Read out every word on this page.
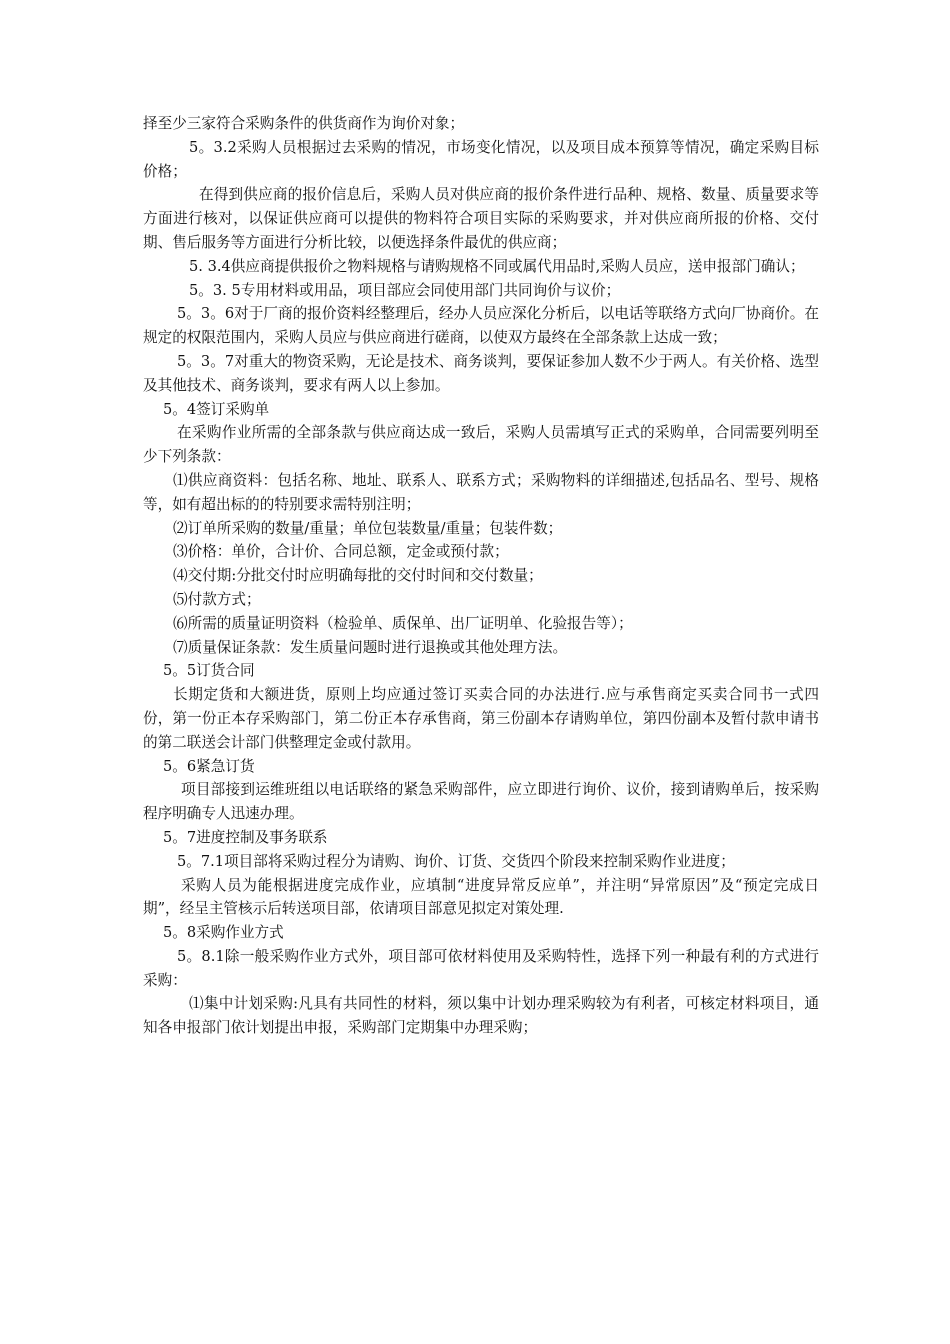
择至少三家符合采购条件的供货商作为询价对象；

5。3.2采购人员根据过去采购的情况，市场变化情况，以及项目成本预算等情况，确定采购目标价格；

在得到供应商的报价信息后，采购人员对供应商的报价条件进行品种、规格、数量、质量要求等方面进行核对，以保证供应商可以提供的物料符合项目实际的采购要求，并对供应商所报的价格、交付期、售后服务等方面进行分析比较，以便选择条件最优的供应商；

5. 3.4供应商提供报价之物料规格与请购规格不同或属代用品时,采购人员应，送申报部门确认；

5。3. 5专用材料或用品，项目部应会同使用部门共同询价与议价；

5。3。6对于厂商的报价资料经整理后，经办人员应深化分析后，以电话等联络方式向厂协商价。在规定的权限范围内，采购人员应与供应商进行磋商，以使双方最终在全部条款上达成一致；

5。3。7对重大的物资采购，无论是技术、商务谈判，要保证参加人数不少于两人。有关价格、选型及其他技术、商务谈判，要求有两人以上参加。

5。4签订采购单

在采购作业所需的全部条款与供应商达成一致后，采购人员需填写正式的采购单，合同需要列明至少下列条款：

⑴供应商资料：包括名称、地址、联系人、联系方式；采购物料的详细描述,包括品名、型号、规格等，如有超出标的的特别要求需特别注明；

⑵订单所采购的数量/重量；单位包装数量/重量；包装件数；

⑶价格：单价，合计价、合同总额，定金或预付款；

⑷交付期:分批交付时应明确每批的交付时间和交付数量；

⑸付款方式；

⑹所需的质量证明资料（检验单、质保单、出厂证明单、化验报告等）；

⑺质量保证条款：发生质量问题时进行退换或其他处理方法。

5。5订货合同

长期定货和大额进货，原则上均应通过签订买卖合同的办法进行.应与承售商定买卖合同书一式四份，第一份正本存采购部门，第二份正本存承售商，第三份副本存请购单位，第四份副本及暂付款申请书的第二联送会计部门供整理定金或付款用。

5。6紧急订货

项目部接到运维班组以电话联络的紧急采购部件，应立即进行询价、议价，接到请购单后，按采购程序明确专人迅速办理。

5。7进度控制及事务联系

5。7.1项目部将采购过程分为请购、询价、订货、交货四个阶段来控制采购作业进度；

采购人员为能根据进度完成作业，应填制“进度异常反应单”，并注明“异常原因”及“预定完成日期”，经呈主管核示后转送项目部，依请项目部意见拟定对策处理.

5。8采购作业方式

5。8.1除一般采购作业方式外，项目部可依材料使用及采购特性，选择下列一种最有利的方式进行采购：

⑴集中计划采购:凡具有共同性的材料，须以集中计划办理采购较为有利者，可核定材料项目，通知各申报部门依计划提出申报，采购部门定期集中办理采购；
